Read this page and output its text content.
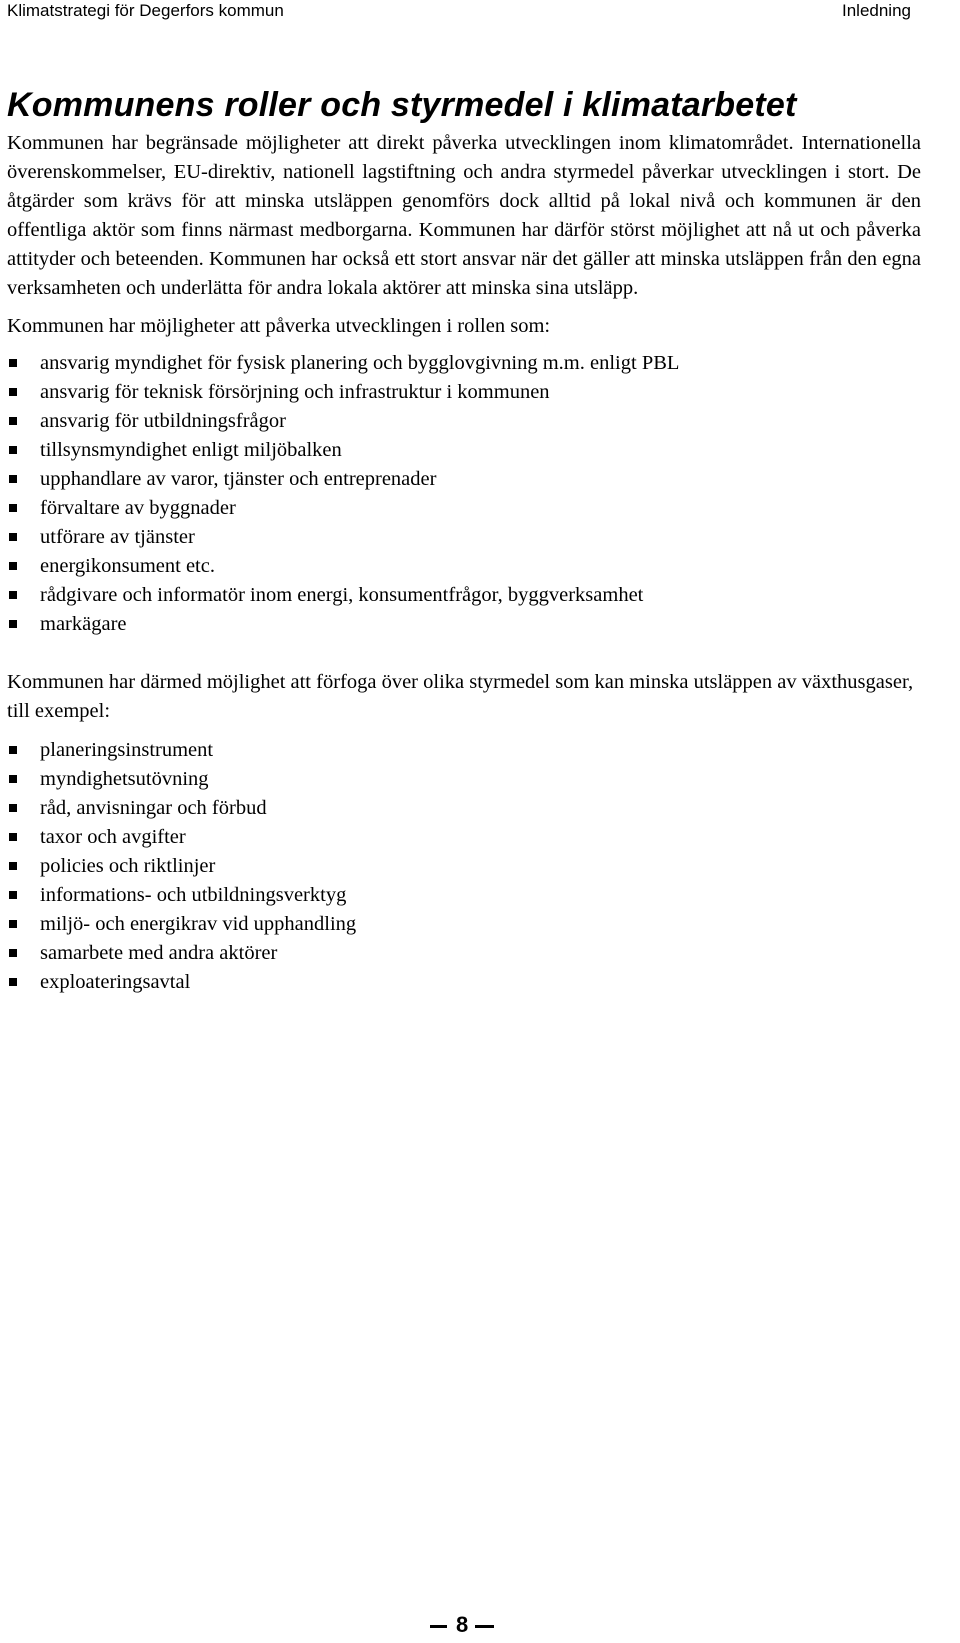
Klimatstrategi för Degerfors kommun	Inledning
Kommunens roller och styrmedel i klimatarbetet

Kommunen har begränsade möjligheter att direkt påverka utvecklingen inom klimatområdet. Internationella överenskommelser, EU-direktiv, nationell lagstiftning och andra styrmedel påverkar utvecklingen i stort. De åtgärder som krävs för att minska utsläppen genomförs dock alltid på lokal nivå och kommunen är den offentliga aktör som finns närmast medborgarna. Kommunen har därför störst möjlighet att nå ut och påverka attityder och beteenden. Kommunen har också ett stort ansvar när det gäller att minska utsläppen från den egna verksamheten och underlätta för andra lokala aktörer att minska sina utsläpp.

Kommunen har möjligheter att påverka utvecklingen i rollen som:

ansvarig myndighet för fysisk planering och bygglovgivning m.m. enligt PBL
ansvarig för teknisk försörjning och infrastruktur i kommunen
ansvarig för utbildningsfrågor
tillsynsmyndighet enligt miljöbalken
upphandlare av varor, tjänster och entreprenader
förvaltare av byggnader
utförare av tjänster
energikonsument etc.
rådgivare och informatör inom energi, konsumentfrågor, byggverksamhet
markägare

Kommunen har därmed möjlighet att förfoga över olika styrmedel som kan minska utsläppen av växthusgaser, till exempel:

planeringsinstrument
myndighetsutövning
råd, anvisningar och förbud
taxor och avgifter
policies och riktlinjer
informations- och utbildningsverktyg
miljö- och energikrav vid upphandling
samarbete med andra aktörer
exploateringsavtal
8
